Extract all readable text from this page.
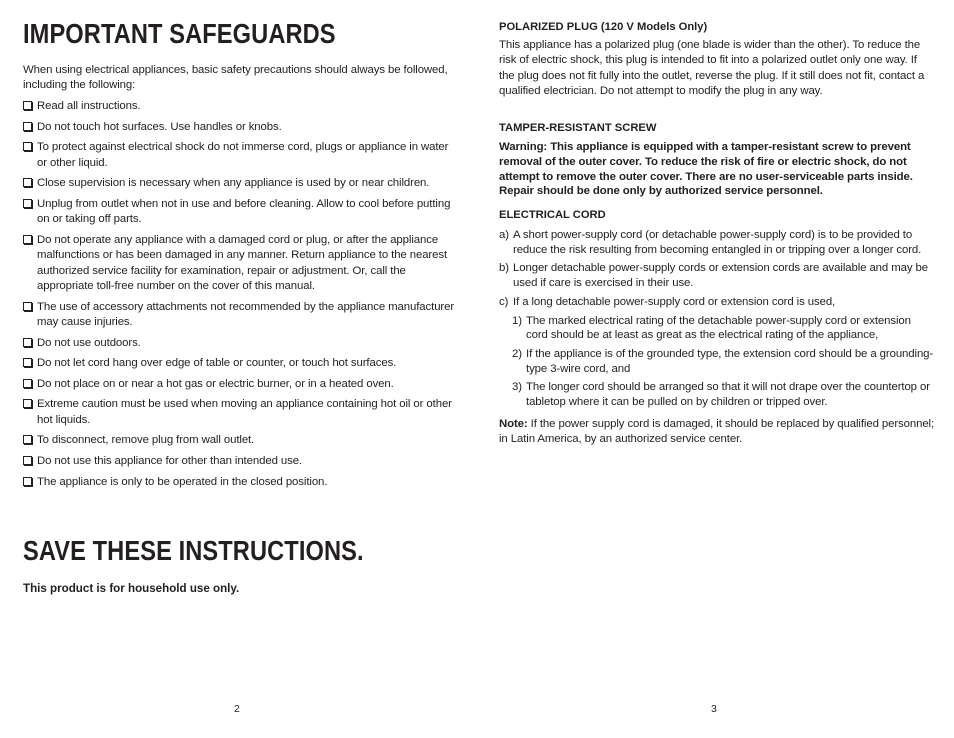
IMPORTANT SAFEGUARDS

When using electrical appliances, basic safety precautions should always be followed, including the following:

Read all instructions.
Do not touch hot surfaces. Use handles or knobs.
To protect against electrical shock do not immerse cord, plugs or appliance in water or other liquid.
Close supervision is necessary when any appliance is used by or near children.
Unplug from outlet when not in use and before cleaning. Allow to cool before putting on or taking off parts.
Do not operate any appliance with a damaged cord or plug, or after the appliance malfunctions or has been damaged in any manner. Return appliance to the nearest authorized service facility for examination, repair or adjustment. Or, call the appropriate toll-free number on the cover of this manual.
The use of accessory attachments not recommended by the appliance manufacturer may cause injuries.
Do not use outdoors.
Do not let cord hang over edge of table or counter, or touch hot surfaces.
Do not place on or near a hot gas or electric burner, or in a heated oven.
Extreme caution must be used when moving an appliance containing hot oil or other hot liquids.
To disconnect, remove plug from wall outlet.
Do not use this appliance for other than intended use.
The appliance is only to be operated in the closed position.
SAVE THESE INSTRUCTIONS.
This product is for household use only.
2

POLARIZED PLUG (120 V Models Only)

This appliance has a polarized plug (one blade is wider than the other). To reduce the risk of electric shock, this plug is intended to fit into a polarized outlet only one way. If the plug does not fit fully into the outlet, reverse the plug. If it still does not fit, contact a qualified electrician. Do not attempt to modify the plug in any way.

TAMPER-RESISTANT SCREW

Warning: This appliance is equipped with a tamper-resistant screw to prevent removal of the outer cover. To reduce the risk of fire or electric shock, do not attempt to remove the outer cover. There are no user-serviceable parts inside. Repair should be done only by authorized service personnel.

ELECTRICAL CORD

a) A short power-supply cord (or detachable power-supply cord) is to be provided to reduce the risk resulting from becoming entangled in or tripping over a longer cord.
b) Longer detachable power-supply cords or extension cords are available and may be used if care is exercised in their use.
c) If a long detachable power-supply cord or extension cord is used,
1) The marked electrical rating of the detachable power-supply cord or extension cord should be at least as great as the electrical rating of the appliance,
2) If the appliance is of the grounded type, the extension cord should be a grounding-type 3-wire cord, and
3) The longer cord should be arranged so that it will not drape over the countertop or tabletop where it can be pulled on by children or tripped over.

Note: If the power supply cord is damaged, it should be replaced by qualified personnel; in Latin America, by an authorized service center.

3
